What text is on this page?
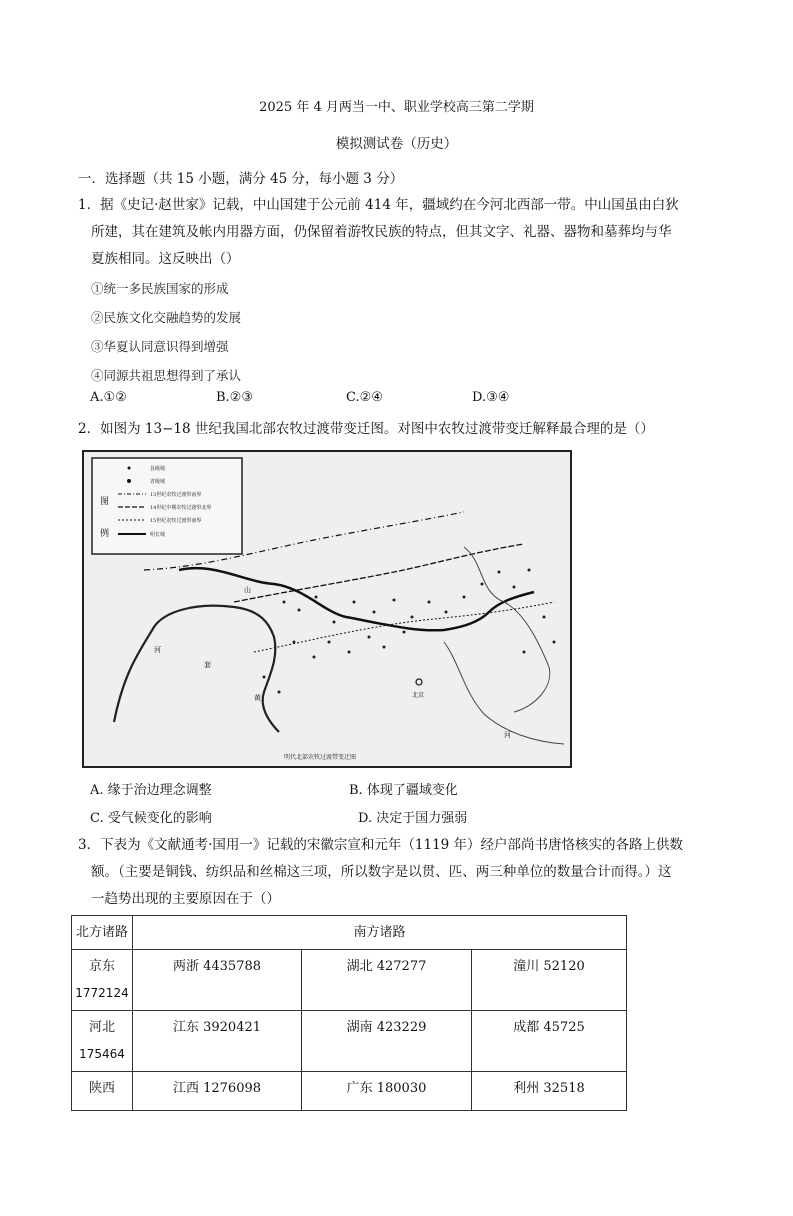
2025 年 4 月两当一中、职业学校高三第二学期
模拟测试卷（历史）
一．选择题（共 15 小题，满分 45 分，每小题 3 分）
1．据《史记·赵世家》记载，中山国建于公元前 414 年，疆域约在今河北西部一带。中山国虽由白狄
所建，其在建筑及帐内用器方面，仍保留着游牧民族的特点，但其文字、礼器、器物和墓葬均与华
夏族相同。这反映出（）
①统一多民族国家的形成
②民族文化交融趋势的发展
③华夏认同意识得到增强
④同源共祖思想得到了承认
A.①②	B.②③	C.②④	D.③④
2．如图为 13−18 世纪我国北部农牧过渡带变迁图。对图中农牧过渡带变迁解释最合理的是（）
图
例
县级城
省级城
13世纪农牧过渡带南界
14世纪中期农牧过渡带北界
15世纪农牧过渡带南界
明长城
北京
河
套
黄
山
河
明代北部农牧过渡带变迁图
A. 缘于治边理念调整	B. 体现了疆域变化
C. 受气候变化的影响	D. 决定于国力强弱
3．下表为《文献通考·国用一》记载的宋徽宗宣和元年（1119 年）经户部尚书唐恪核实的各路上供数
额。（主要是铜钱、纺织品和丝棉这三项，所以数字是以贯、匹、两三种单位的数量合计而得。）这
一趋势出现的主要原因在于（）
北方诸路	南方诸路		

京东
1772124	两浙 4435788	湖北 427277	潼川 52120

河北
175464	江东 3920421	湖南 423229	成都 45725

陕西	江西 1276098	广东 180030	利州 32518
